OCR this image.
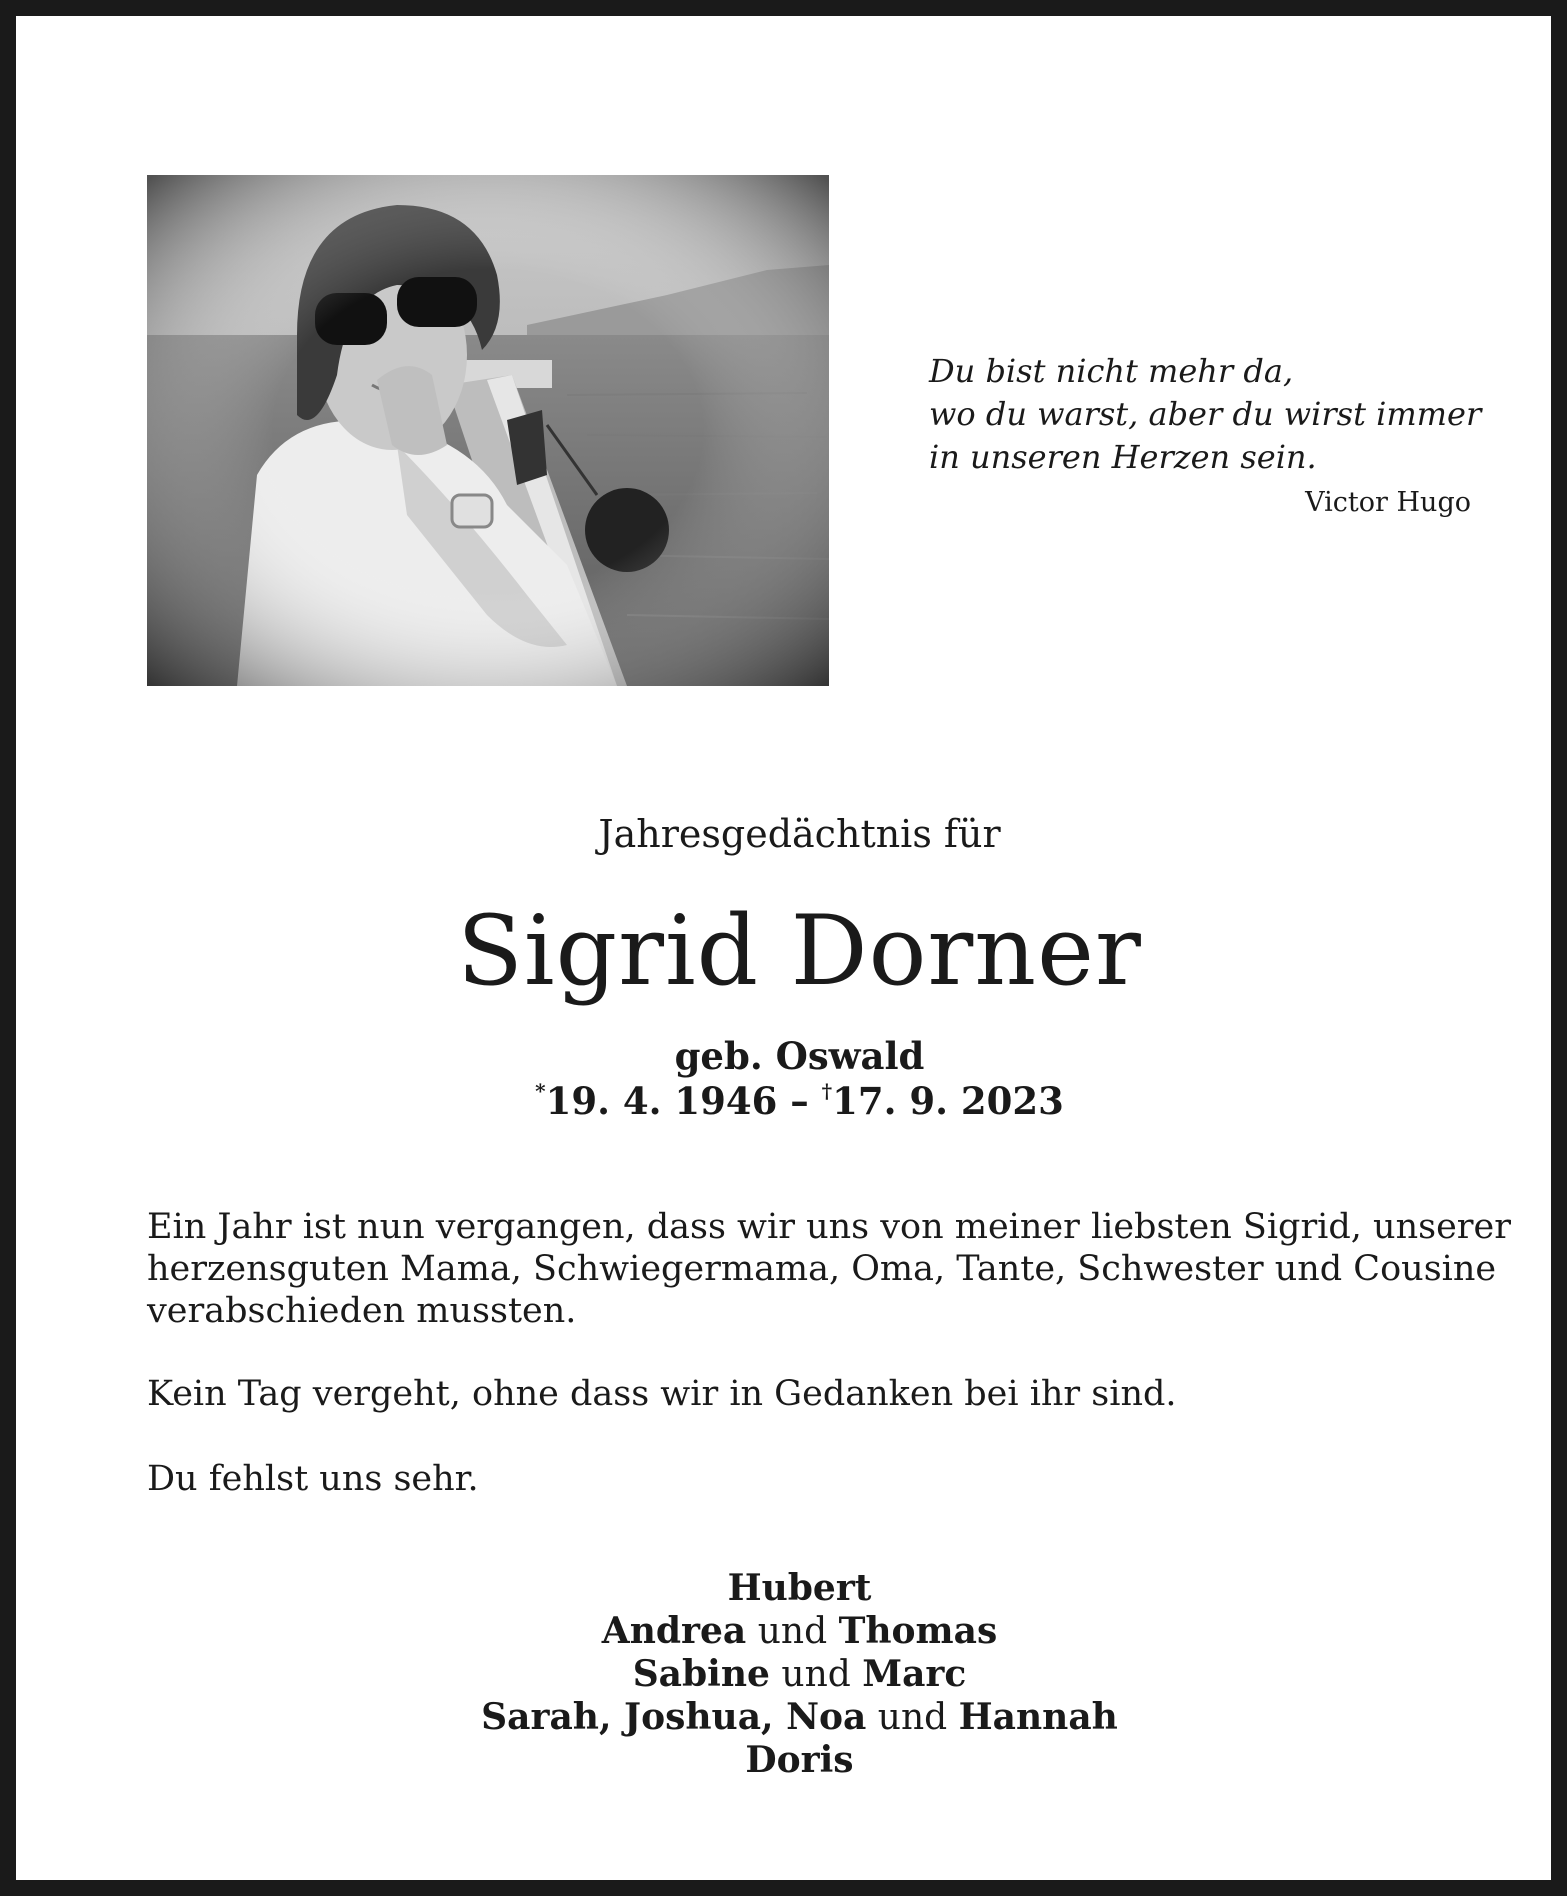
Du bist nicht mehr da,
wo du warst, aber du wirst immer
in unseren Herzen sein.

Victor Hugo
Jahresgedächtnis für
Sigrid Dorner
geb. Oswald
*19. 4. 1946 – †17. 9. 2023
Ein Jahr ist nun vergangen, dass wir uns von meiner liebsten Sigrid, unserer
herzensguten Mama, Schwiegermama, Oma, Tante, Schwester und Cousine
verabschieden mussten.
Kein Tag vergeht, ohne dass wir in Gedanken bei ihr sind.
Du fehlst uns sehr.
Hubert
Andrea und Thomas
Sabine und Marc
Sarah, Joshua, Noa und Hannah
Doris
